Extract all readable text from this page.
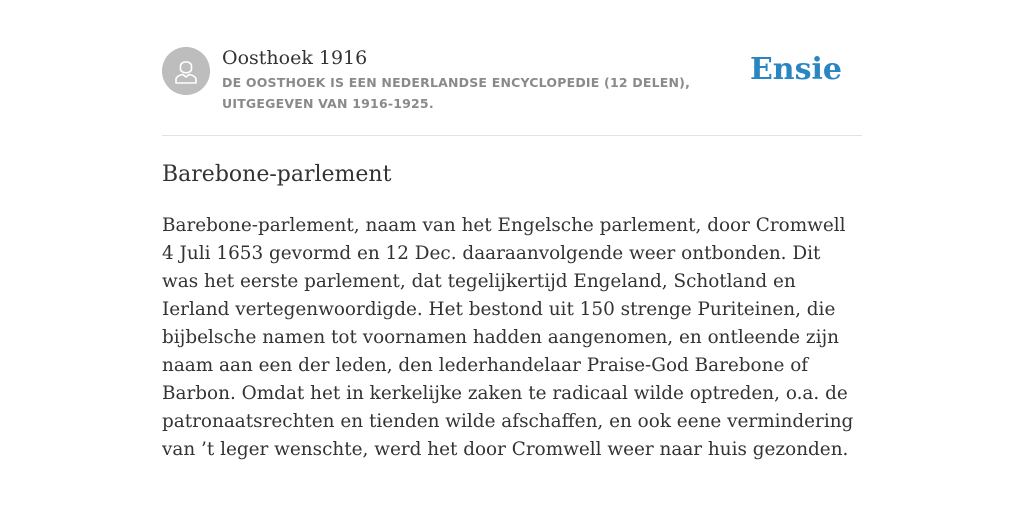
Oosthoek 1916
DE OOSTHOEK IS EEN NEDERLANDSE ENCYCLOPEDIE (12 DELEN), UITGEGEVEN VAN 1916-1925.
Ensie
Barebone-parlement

Barebone-parlement, naam van het Engelsche parlement, door Cromwell 4 Juli 1653 gevormd en 12 Dec. daaraanvolgende weer ontbonden. Dit was het eerste parlement, dat tegelijkertijd Engeland, Schotland en Ierland vertegenwoordigde. Het bestond uit 150 strenge Puriteinen, die bijbelsche namen tot voornamen hadden aangenomen, en ontleende zijn naam aan een der leden, den lederhandelaar Praise-God Barebone of Barbon. Omdat het in kerkelijke zaken te radicaal wilde optreden, o.a. de patronaatsrechten en tienden wilde afschaffen, en ook eene vermindering van ’t leger wenschte, werd het door Cromwell weer naar huis gezonden.
